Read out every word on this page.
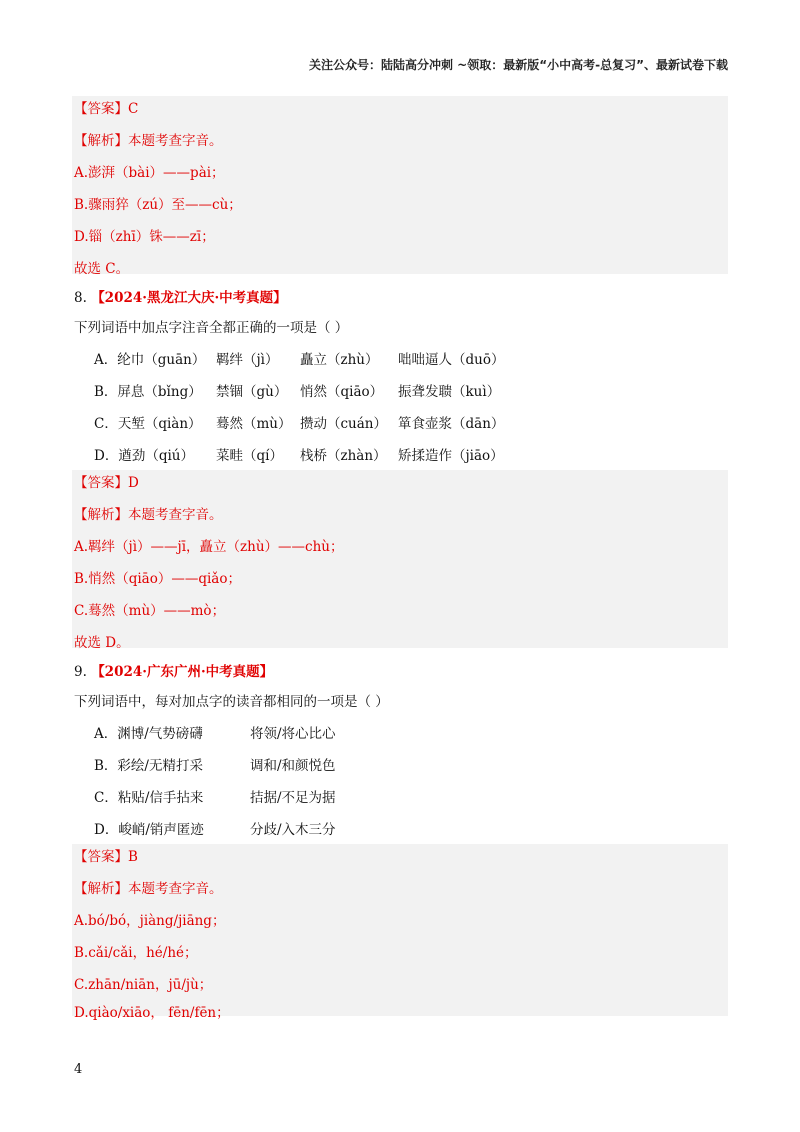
关注公众号：陆陆高分冲刺 ~领取：最新版“小中高考-总复习”、最新试卷下载
【答案】C
【解析】本题考查字音。
A.澎湃（bài）——pài；
B.骤雨猝（zú）至——cù；
D.锱（zhī）铢——zī；
故选 C。
8. 【2024·黑龙江大庆·中考真题】
下列词语中加点字注音全都正确的一项是（ ）
A．纶巾（guān） 羁绊（jì） 矗立（zhù） 咄咄逼人（duō）
B．屏息（bǐng） 禁锢（gù） 悄然（qiāo） 振聋发聩（kuì）
C．天堑（qiàn） 蓦然（mù） 攒动（cuán） 箪食壶浆（dān）
D．遒劲（qiú） 菜畦（qí） 栈桥（zhàn） 矫揉造作（jiāo）
【答案】D
【解析】本题考查字音。
A.羁绊（jì）——jī，矗立（zhù）——chù；
B.悄然（qiāo）——qiǎo；
C.蓦然（mù）——mò；
故选 D。
9. 【2024·广东广州·中考真题】
下列词语中，每对加点字的读音都相同的一项是（ ）
A．渊博/气势磅礴	将领/将心比心
B．彩绘/无精打采	调和/和颜悦色
C．粘贴/信手拈来	拮据/不足为据
D．峻峭/销声匿迹	分歧/入木三分
【答案】B
【解析】本题考查字音。
A.bó/bó，jiàng/jiāng；
B.cǎi/cǎi，hé/hé；
C.zhān/niān，jū/jù；
D.qiào/xiāo， fēn/fēn；
4
